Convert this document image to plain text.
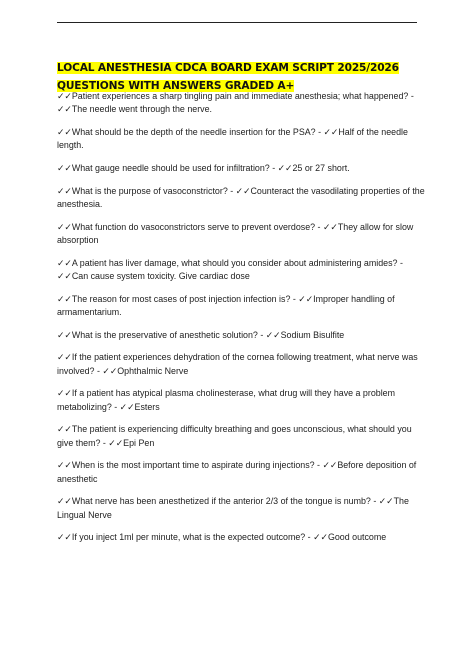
LOCAL ANESTHESIA CDCA BOARD EXAM SCRIPT 2025/2026 QUESTIONS WITH ANSWERS GRADED A+

✓✓Patient experiences a sharp tingling pain and immediate anesthesia; what happened? - ✓✓The needle went through the nerve.

✓✓What should be the depth of the needle insertion for the PSA? - ✓✓Half of the needle length.

✓✓What gauge needle should be used for infiltration? - ✓✓25 or 27 short.

✓✓What is the purpose of vasoconstrictor? - ✓✓Counteract the vasodilating properties of the anesthesia.

✓✓What function do vasoconstrictors serve to prevent overdose? - ✓✓They allow for slow absorption

✓✓A patient has liver damage, what should you consider about administering amides? - ✓✓Can cause system toxicity. Give cardiac dose

✓✓The reason for most cases of post injection infection is? - ✓✓Improper handling of armamentarium.

✓✓What is the preservative of anesthetic solution? - ✓✓Sodium Bisulfite

✓✓If the patient experiences dehydration of the cornea following treatment, what nerve was involved? - ✓✓Ophthalmic Nerve

✓✓If a patient has atypical plasma cholinesterase, what drug will they have a problem metabolizing? - ✓✓Esters

✓✓The patient is experiencing difficulty breathing and goes unconscious, what should you give them? - ✓✓Epi Pen

✓✓When is the most important time to aspirate during injections? - ✓✓Before deposition of anesthetic

✓✓What nerve has been anesthetized if the anterior 2/3 of the tongue is numb? - ✓✓The Lingual Nerve

✓✓If you inject 1ml per minute, what is the expected outcome? - ✓✓Good outcome
